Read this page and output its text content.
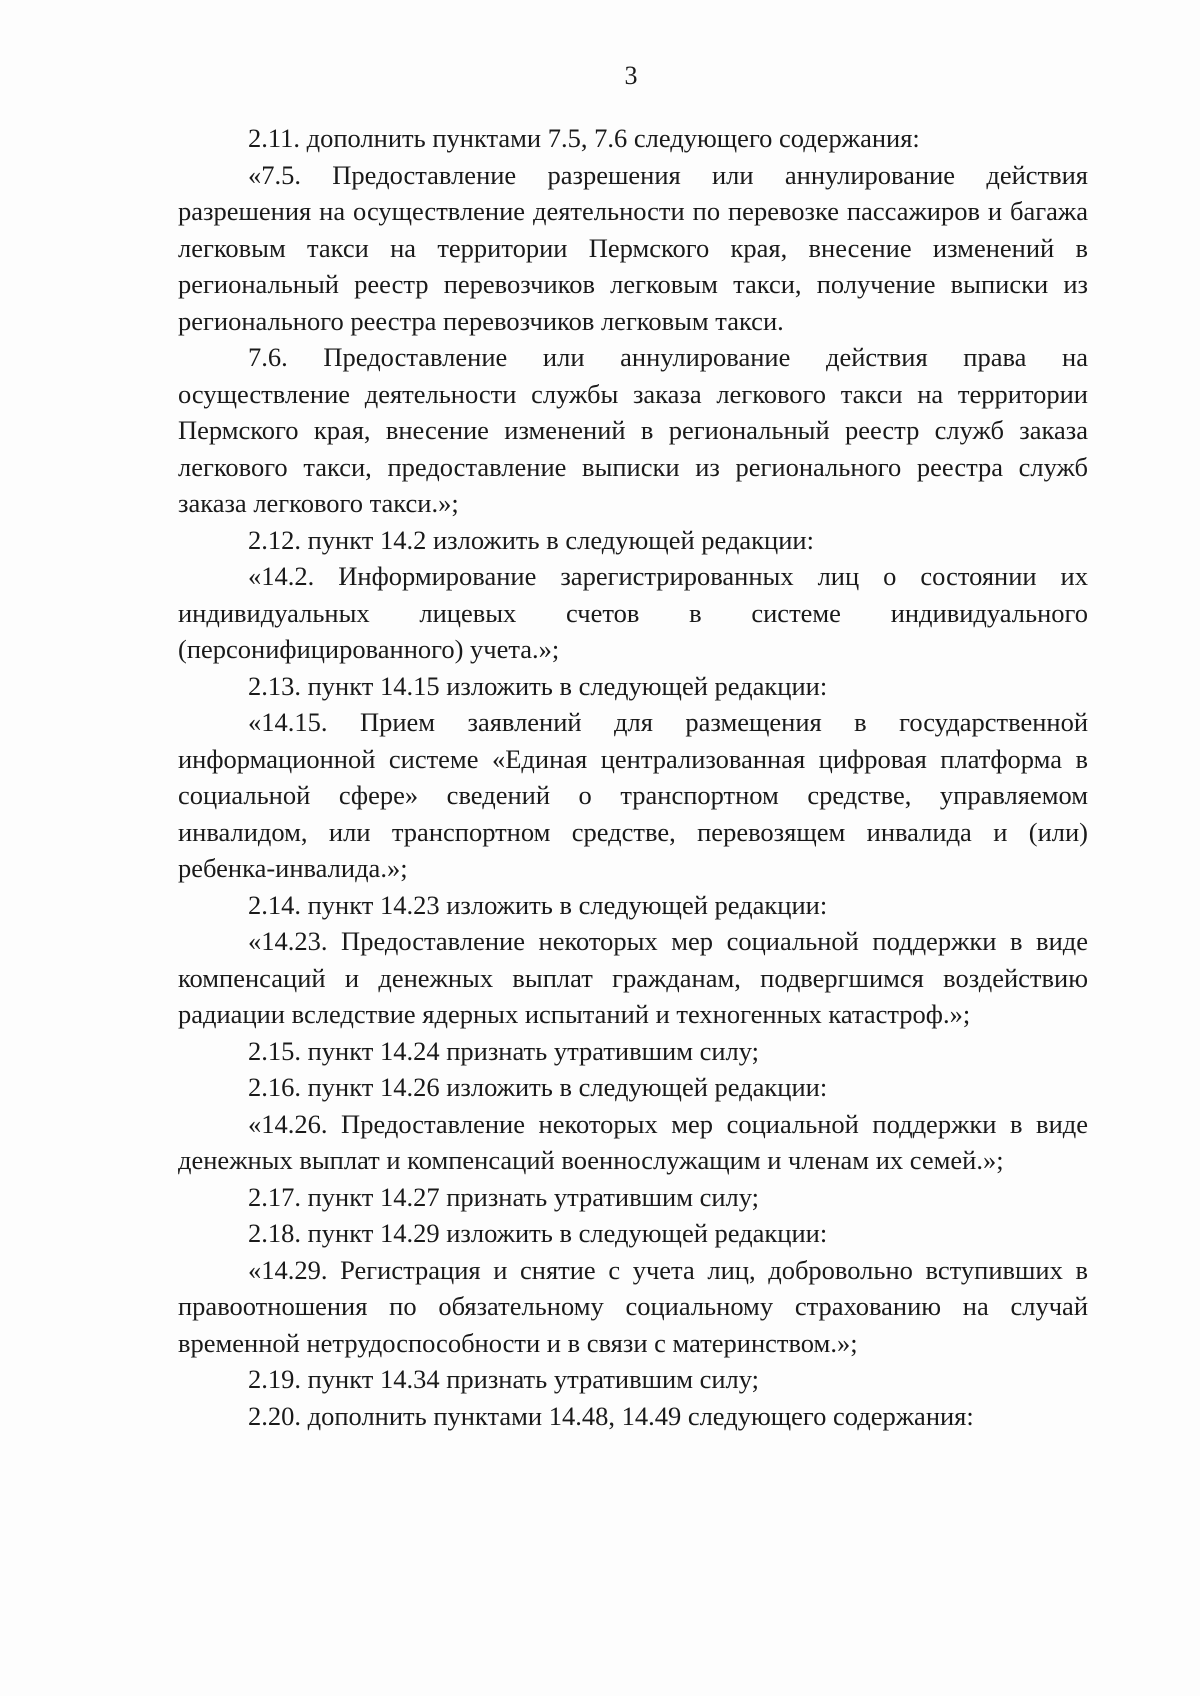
3

2.11. дополнить пунктами 7.5, 7.6 следующего содержания:

«7.5. Предоставление разрешения или аннулирование действия разрешения на осуществление деятельности по перевозке пассажиров и багажа легковым такси на территории Пермского края, внесение изменений в региональный реестр перевозчиков легковым такси, получение выписки из регионального реестра перевозчиков легковым такси.

7.6. Предоставление или аннулирование действия права на осуществление деятельности службы заказа легкового такси на территории Пермского края, внесение изменений в региональный реестр служб заказа легкового такси, предоставление выписки из регионального реестра служб заказа легкового такси.»;

2.12. пункт 14.2 изложить в следующей редакции:

«14.2. Информирование зарегистрированных лиц о состоянии их индивидуальных лицевых счетов в системе индивидуального (персонифицированного) учета.»;

2.13. пункт 14.15 изложить в следующей редакции:

«14.15. Прием заявлений для размещения в государственной информационной системе «Единая централизованная цифровая платформа в социальной сфере» сведений о транспортном средстве, управляемом инвалидом, или транспортном средстве, перевозящем инвалида и (или) ребенка-инвалида.»;

2.14. пункт 14.23 изложить в следующей редакции:

«14.23. Предоставление некоторых мер социальной поддержки в виде компенсаций и денежных выплат гражданам, подвергшимся воздействию радиации вследствие ядерных испытаний и техногенных катастроф.»;

2.15. пункт 14.24 признать утратившим силу;

2.16. пункт 14.26 изложить в следующей редакции:

«14.26. Предоставление некоторых мер социальной поддержки в виде денежных выплат и компенсаций военнослужащим и членам их семей.»;

2.17. пункт 14.27 признать утратившим силу;

2.18. пункт 14.29 изложить в следующей редакции:

«14.29. Регистрация и снятие с учета лиц, добровольно вступивших в правоотношения по обязательному социальному страхованию на случай временной нетрудоспособности и в связи с материнством.»;

2.19. пункт 14.34 признать утратившим силу;

2.20. дополнить пунктами 14.48, 14.49 следующего содержания:
